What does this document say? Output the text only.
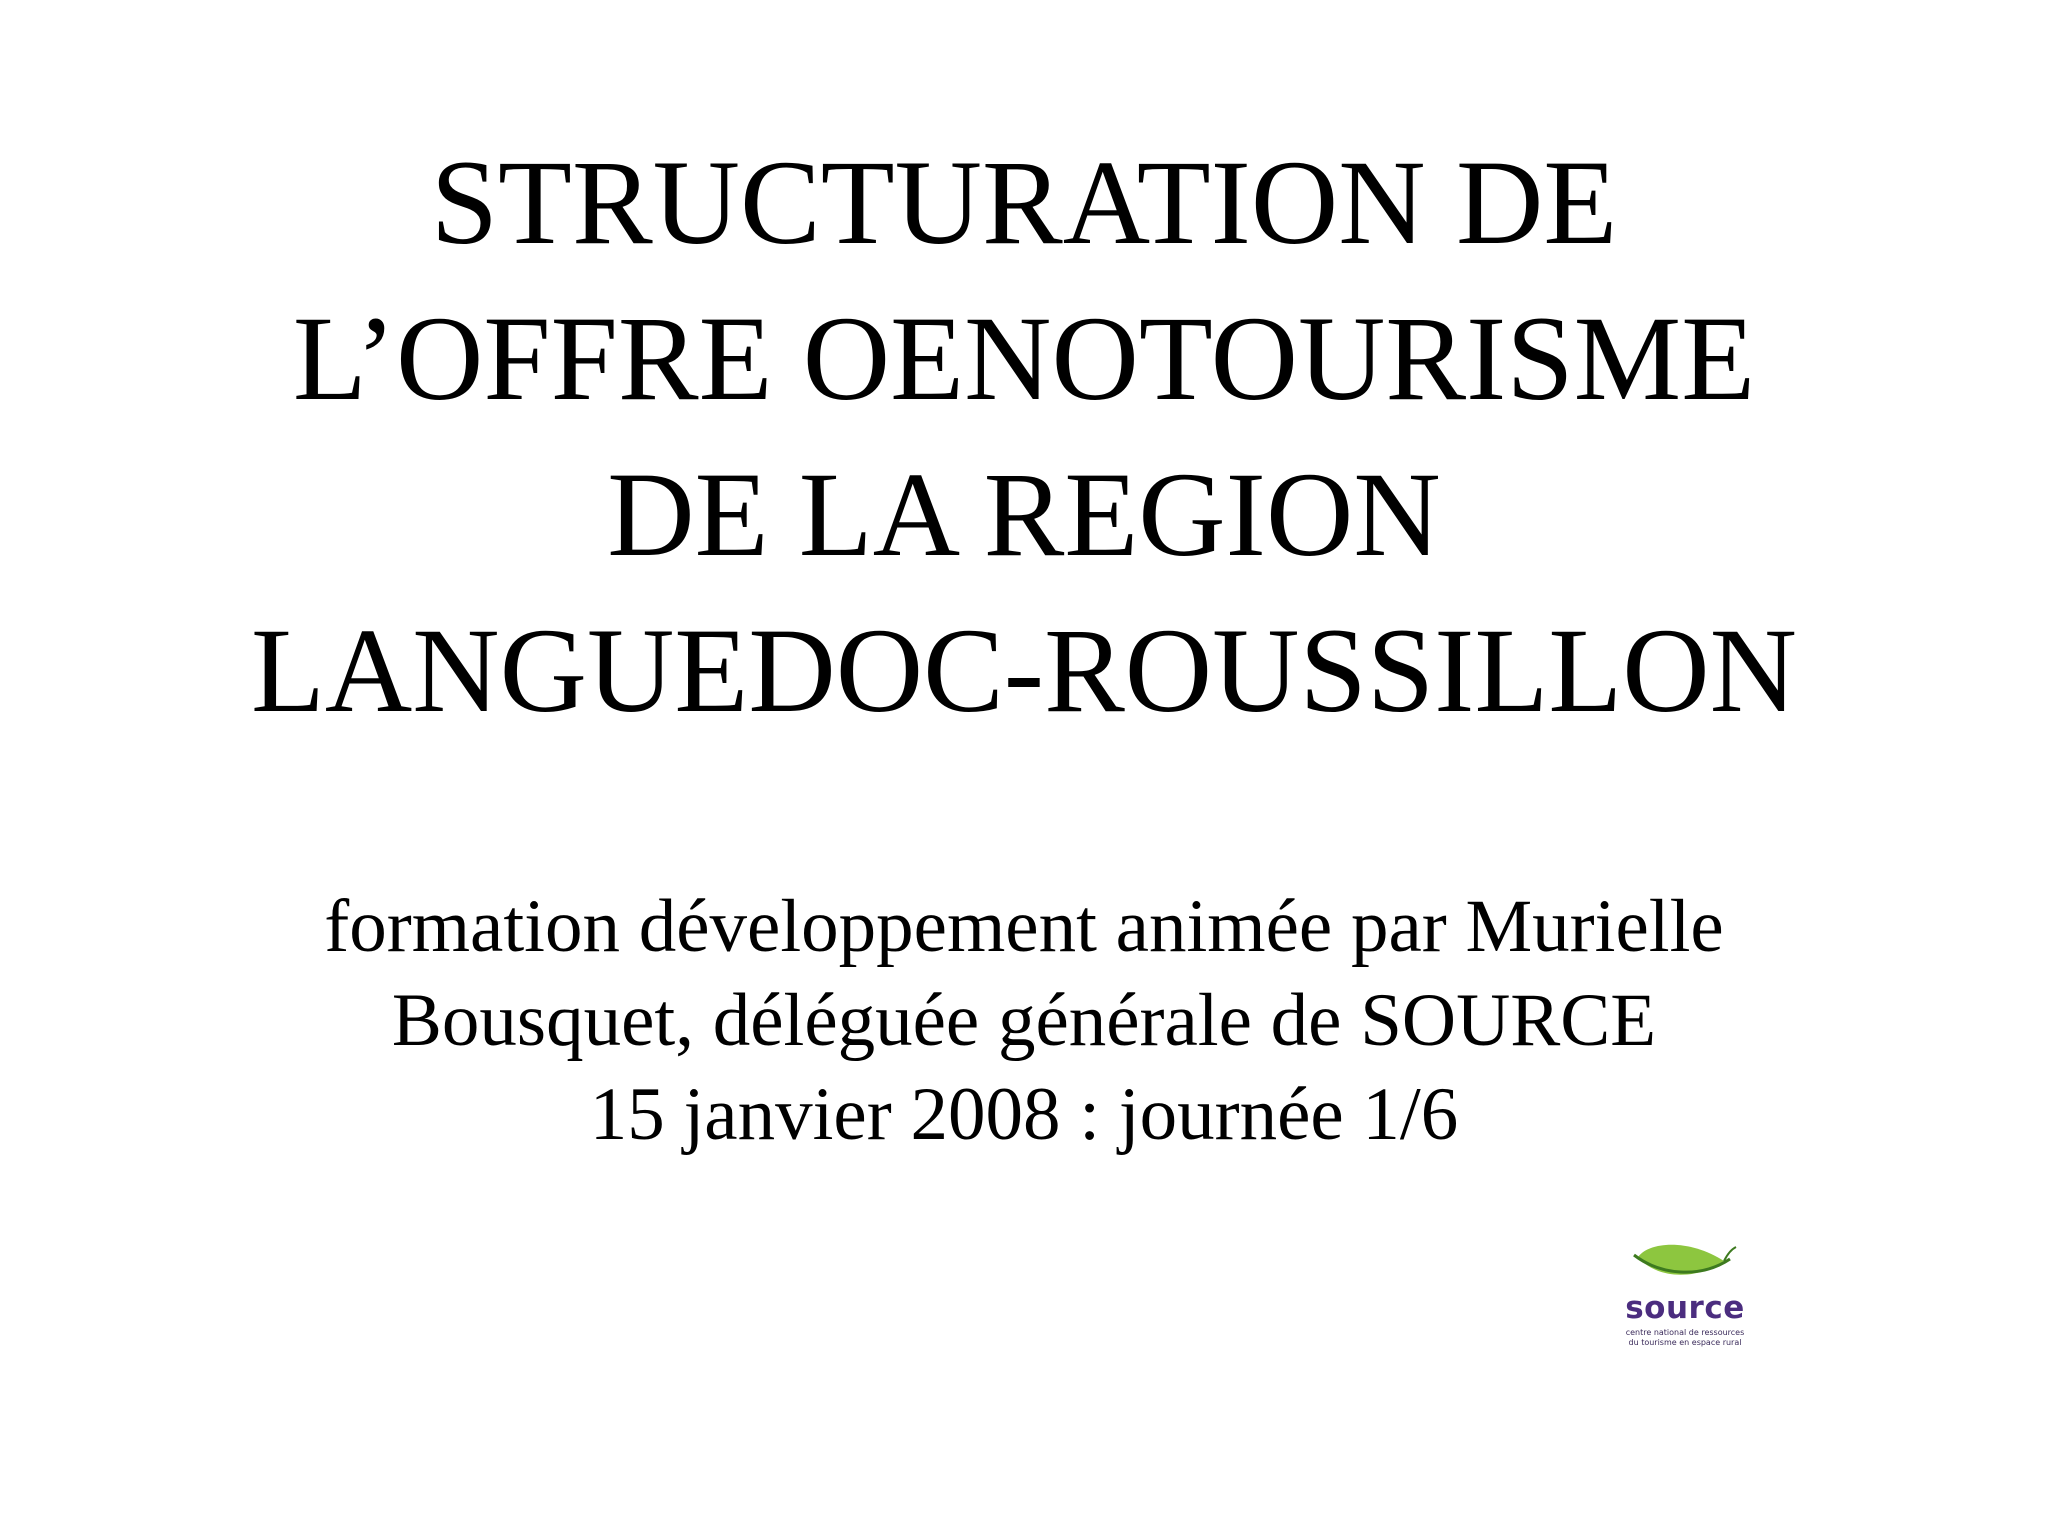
STRUCTURATION DE
L’OFFRE OENOTOURISME
DE LA REGION
LANGUEDOC-ROUSSILLON

formation développement animée par Murielle
Bousquet, déléguée générale de SOURCE
15 janvier 2008 : journée 1/6

source
centre national de ressources
du tourisme en espace rural
